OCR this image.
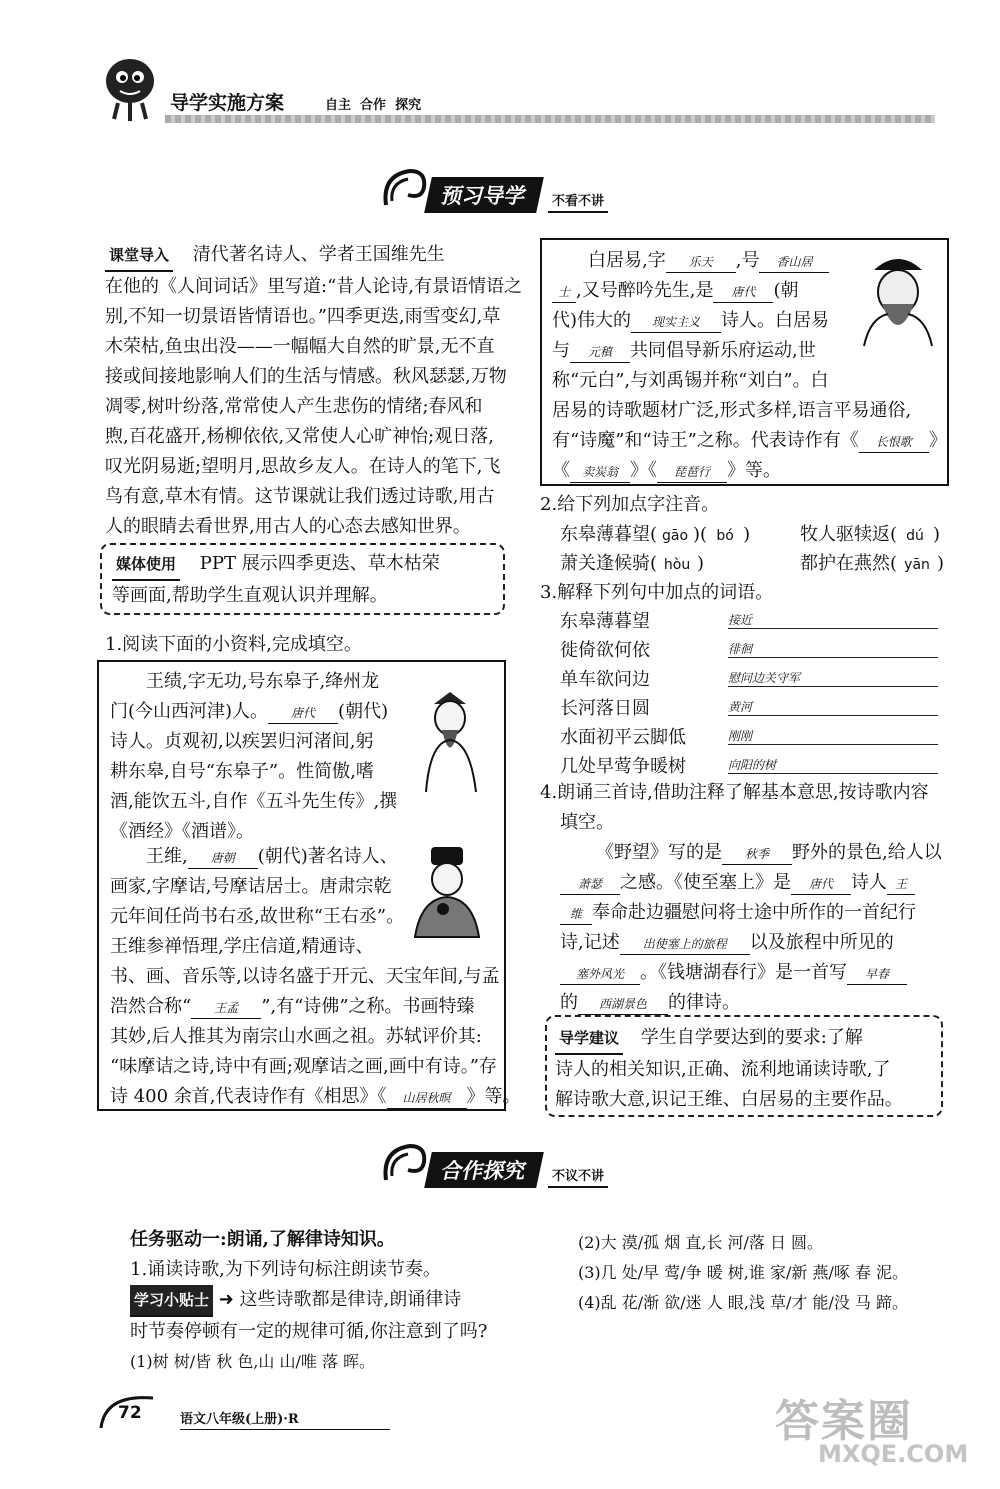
导学实施方案	自主  合作  探究
预习导学	不看不讲
课堂导入 清代著名诗人、学者王国维先生
在他的《人间词话》里写道:“昔人论诗,有景语情语之
别,不知一切景语皆情语也。”四季更迭,雨雪变幻,草
木荣枯,鱼虫出没——一幅幅大自然的旷景,无不直
接或间接地影响人们的生活与情感。秋风瑟瑟,万物
凋零,树叶纷落,常常使人产生悲伤的情绪;春风和
煦,百花盛开,杨柳依依,又常使人心旷神怡;观日落,
叹光阴易逝;望明月,思故乡友人。在诗人的笔下,飞
鸟有意,草木有情。这节课就让我们透过诗歌,用古
人的眼睛去看世界,用古人的心态去感知世界。
媒体使用 PPT 展示四季更迭、草木枯荣
等画面,帮助学生直观认识并理解。
1.阅读下面的小资料,完成填空。
王绩,字无功,号东皋子,绛州龙
门(今山西河津)人。 唐代 (朝代)
诗人。贞观初,以疾罢归河渚间,躬
耕东皋,自号“东皋子”。性简傲,嗜
酒,能饮五斗,自作《五斗先生传》,撰
《酒经》《酒谱》。
王维, 唐朝 (朝代)著名诗人、
画家,字摩诘,号摩诘居士。唐肃宗乾
元年间任尚书右丞,故世称“王右丞”。
王维参禅悟理,学庄信道,精通诗、
书、画、音乐等,以诗名盛于开元、天宝年间,与孟
浩然合称“ 王孟 ”,有“诗佛”之称。书画特臻
其妙,后人推其为南宗山水画之祖。苏轼评价其:
“味摩诘之诗,诗中有画;观摩诘之画,画中有诗。”存
诗 400 余首,代表诗作有《相思》《 山居秋暝 》等。
白居易,字 乐天 ,号 香山居
士 ,又号醉吟先生,是 唐代 (朝
代)伟大的 现实主义 诗人。白居易
与 元稹 共同倡导新乐府运动,世
称“元白”,与刘禹锡并称“刘白”。白
居易的诗歌题材广泛,形式多样,语言平易通俗,
有“诗魔”和“诗王”之称。代表诗作有《 长恨歌 》
《 卖炭翁 》《 琵琶行 》等。
2.给下列加点字注音。
东皋薄暮望( gāo )( bó )	牧人驱犊返( dú )
萧关逢候骑( hòu )	都护在燕然( yān )
3.解释下列句中加点的词语。
东皋薄暮望	接近
徙倚欲何依	徘徊
单车欲问边	慰问边关守军
长河落日圆	黄河
水面初平云脚低	刚刚
几处早莺争暖树	向阳的树
4.朗诵三首诗,借助注释了解基本意思,按诗歌内容
填空。
《野望》写的是 秋季 野外的景色,给人以
萧瑟 之感。《使至塞上》是 唐代 诗人 王
维 奉命赴边疆慰问将士途中所作的一首纪行
诗,记述 出使塞上的旅程 以及旅程中所见的
塞外风光 。《钱塘湖春行》是一首写 早春
的 西湖景色 的律诗。
导学建议 学生自学要达到的要求:了解
诗人的相关知识,正确、流利地诵读诗歌,了
解诗歌大意,识记王维、白居易的主要作品。
合作探究	不议不讲
任务驱动一:朗诵,了解律诗知识。
1.诵读诗歌,为下列诗句标注朗读节奏。
学习小贴士 ➜ 这些诗歌都是律诗,朗诵律诗
时节奏停顿有一定的规律可循,你注意到了吗?
(1)树 树/皆 秋 色,山 山/唯 落 晖。
(2)大 漠/孤 烟 直,长 河/落 日 圆。
(3)几 处/早 莺/争 暖 树,谁 家/新 燕/啄 春 泥。
(4)乱 花/渐 欲/迷 人 眼,浅 草/才 能/没 马 蹄。
72	语文八年级(上册)·R	答案圈
MXQE.COM
